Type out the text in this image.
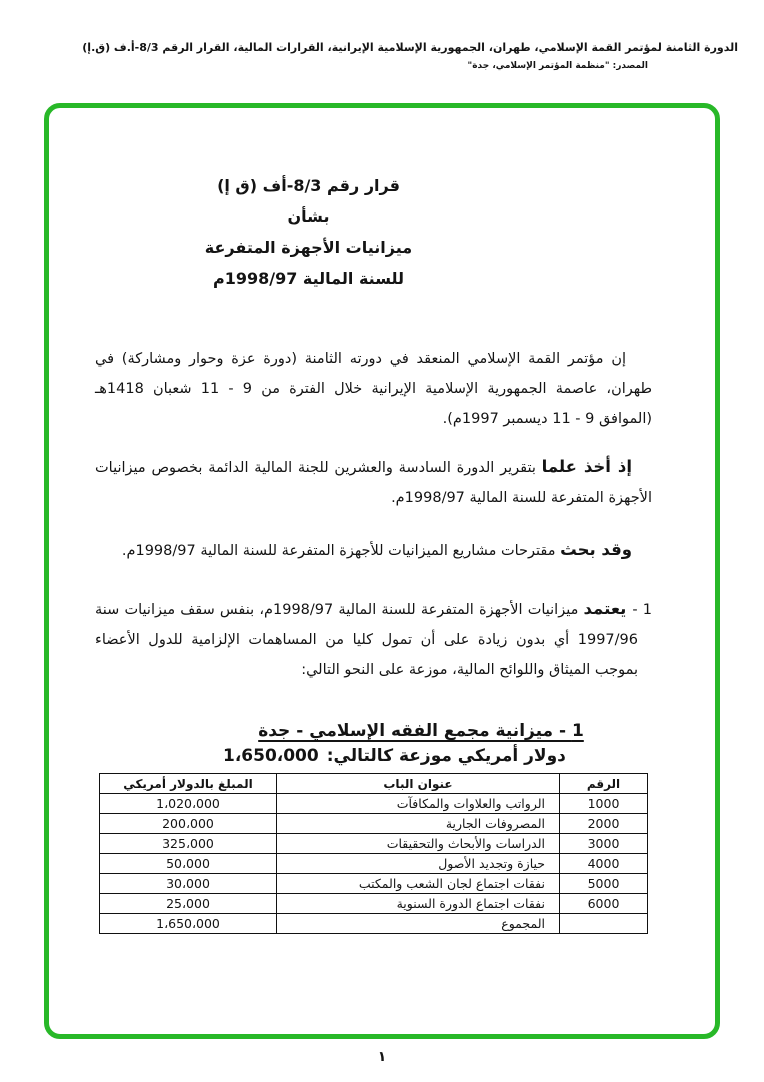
الدورة الثامنة لمؤتمر القمة الإسلامي، طهران، الجمهورية الإسلامية الإيرانية، القرارات المالية، القرار الرقم 8/3-أ.ف (ق.إ)
المصدر: "منظمة المؤتمر الإسلامي، جدة"
قرار رقم 8/3-أف (ق إ)
بشأن
ميزانيات الأجهزة المتفرعة
للسنة المالية 1998/97م

إن مؤتمر القمة الإسلامي المنعقد في دورته الثامنة (دورة عزة وحوار ومشاركة) في طهران، عاصمة الجمهورية الإسلامية الإيرانية خلال الفترة من 9 - 11 شعبان 1418هـ (الموافق 9 - 11 ديسمبر 1997م).

إذ أخذ علما بتقرير الدورة السادسة والعشرين للجنة المالية الدائمة بخصوص ميزانيات الأجهزة المتفرعة للسنة المالية 1998/97م.

وقد بحث مقترحات مشاريع الميزانيات للأجهزة المتفرعة للسنة المالية 1998/97م.

1 -يعتمد ميزانيات الأجهزة المتفرعة للسنة المالية 1998/97م، بنفس سقف ميزانيات سنة 1997/96 أي بدون زيادة على أن تمول كليا من المساهمات الإلزامية للدول الأعضاء بموجب الميثاق واللوائح المالية، موزعة على النحو التالي:

1 - ميزانية مجمع الفقه الإسلامي - جدة
1،650،000 دولار أمريكي موزعة كالتالي:
الرقم	عنوان الباب	المبلغ بالدولار أمريكي
1000	الرواتب والعلاوات والمكافآت	1،020،000
2000	المصروفات الجارية	200،000
3000	الدراسات والأبحاث والتحقيقات	325،000
4000	حيازة وتجديد الأصول	50،000
5000	نفقات اجتماع لجان الشعب والمكتب	30،000
6000	نفقات اجتماع الدورة السنوية	25،000
	المجموع	1،650،000
١
